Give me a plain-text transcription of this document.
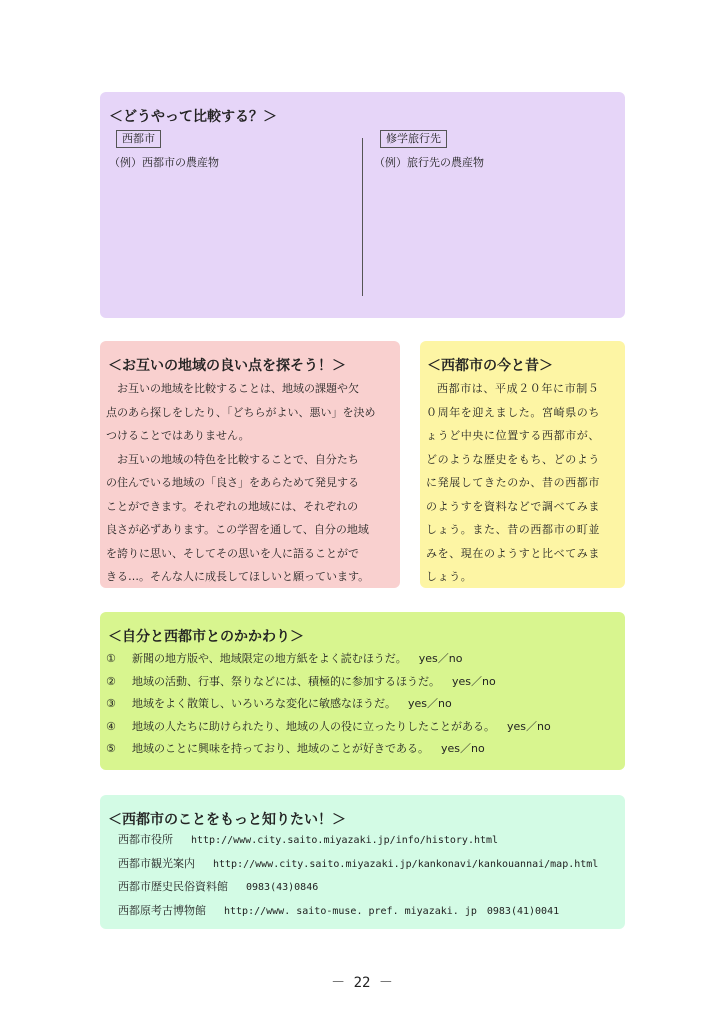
＜どうやって比較する？＞
西都市
（例）西都市の農産物
修学旅行先
（例）旅行先の農産物
＜お互いの地域の良い点を探そう！＞
お互いの地域を比較することは、地域の課題や欠
点のあら探しをしたり、「どちらがよい、悪い」を決め
つけることではありません。
お互いの地域の特色を比較することで、自分たち
の住んでいる地域の「良さ」をあらためて発見する
ことができます。それぞれの地域には、それぞれの
良さが必ずあります。この学習を通して、自分の地域
を誇りに思い、そしてその思いを人に語ることがで
きる…。そんな人に成長してほしいと願っています。
＜西都市の今と昔＞
西都市は、平成２０年に市制５
０周年を迎えました。宮崎県のち
ょうど中央に位置する西都市が、
どのような歴史をもち、どのよう
に発展してきたのか、昔の西都市
のようすを資料などで調べてみま
しょう。また、昔の西都市の町並
みを、現在のようすと比べてみま
しょう。
＜自分と西都市とのかかわり＞
① 新聞の地方版や、地域限定の地方紙をよく読むほうだ。 yes／no
② 地域の活動、行事、祭りなどには、積極的に参加するほうだ。 yes／no
③ 地域をよく散策し、いろいろな変化に敏感なほうだ。 yes／no
④ 地域の人たちに助けられたり、地域の人の役に立ったりしたことがある。 yes／no
⑤ 地域のことに興味を持っており、地域のことが好きである。 yes／no
＜西都市のことをもっと知りたい！＞
西都市役所 http://www.city.saito.miyazaki.jp/info/history.html
西都市観光案内 http://www.city.saito.miyazaki.jp/kankonavi/kankouannai/map.html
西都市歴史民俗資料館 0983(43)0846
西都原考古博物館 http://www. saito-muse. pref. miyazaki. jp　0983(41)0041
－ 22 －
